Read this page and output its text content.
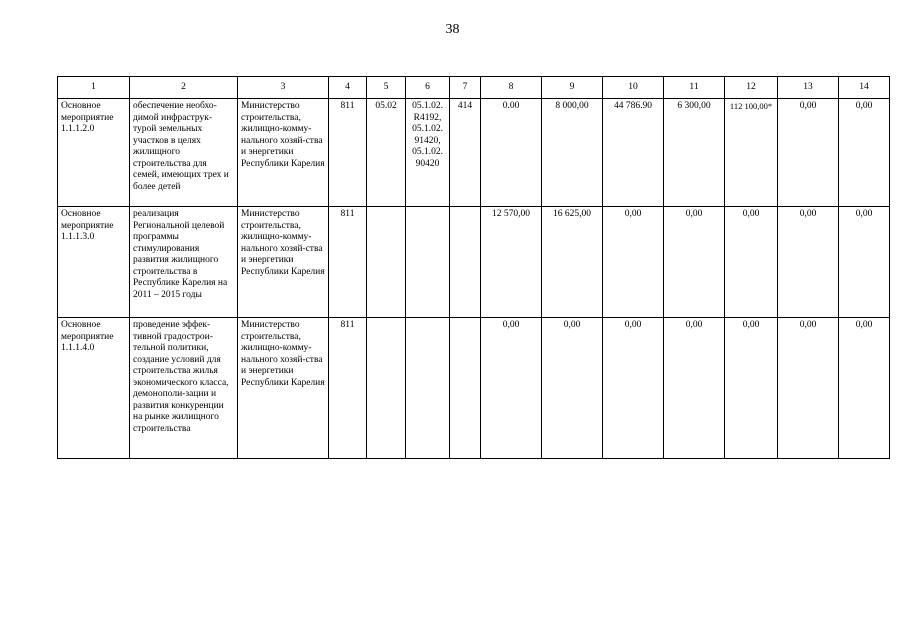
38
1	2	3	4	5	6	7	8	9	10	11	12	13	14
Основное мероприятие 1.1.1.2.0	обеспечение необхо-димой инфраструк-турой земельных участков в целях жилищного строительства для семей, имеющих трех и более детей	Министерство строительства, жилищно-комму-нального хозяй-ства и энергетики Республики Карелия	811	05.02	05.1.02. R4192, 05.1.02. 91420, 05.1.02. 90420	414	0.00	8 000,00	44 786.90	6 300,00	112 100,00*	0,00	0,00
Основное мероприятие 1.1.1.3.0	реализация Региональной целевой программы стимулирования развития жилищного строительства в Республике Карелия на 2011 – 2015 годы	Министерство строительства, жилищно-комму-нального хозяй-ства и энергетики Республики Карелия	811				12 570,00	16 625,00	0,00	0,00	0,00	0,00	0,00
Основное мероприятие 1.1.1.4.0	проведение эффек-тивной градострои-тельной политики, создание условий для строительства жилья экономического класса, демонополи-зации и развития конкуренции на рынке жилищного строительства	Министерство строительства, жилищно-комму-нального хозяй-ства и энергетики Республики Карелия	811				0,00	0,00	0,00	0,00	0,00	0,00	0,00
